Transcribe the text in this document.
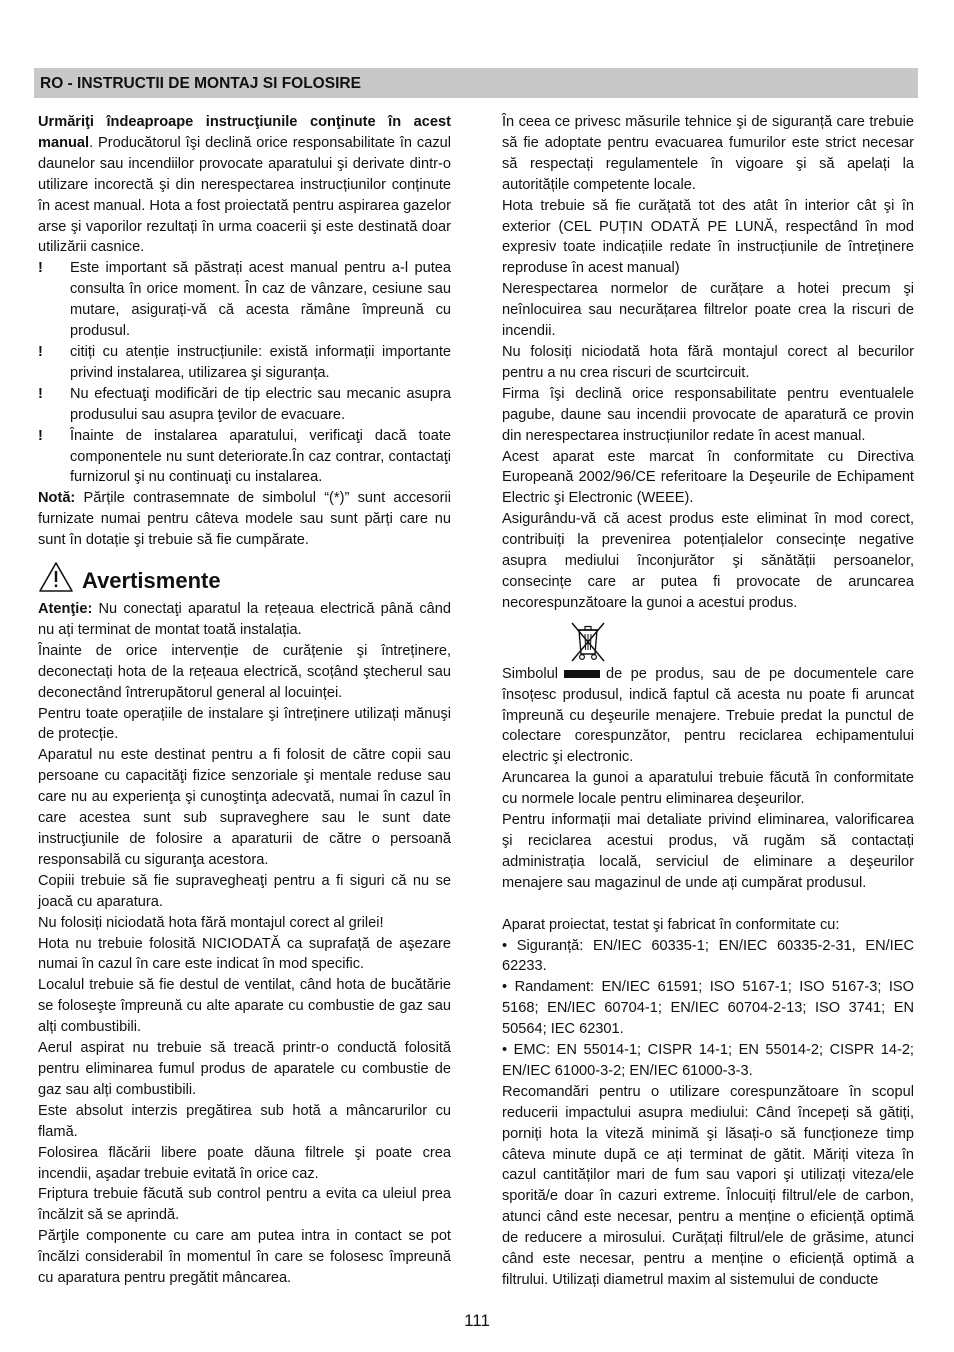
RO - INSTRUCTII DE MONTAJ SI FOLOSIRE

Urmăriţi îndeaproape instrucţiunile conţinute în acest manual. Producătorul îşi declină orice responsabilitate în cazul daunelor sau incendiilor provocate aparatului şi derivate dintr-o utilizare incorectă şi din nerespectarea instrucțiunilor conținute în acest manual. Hota a fost proiectată pentru aspirarea gazelor arse şi vaporilor rezultați în urma coacerii şi este destinată doar utilizării casnice.

!	Este important să păstrați acest manual pentru a-l putea consulta în orice moment. În caz de vânzare, cesiune sau mutare, asigurați-vă că acesta rămâne împreună cu produsul.
!	citiți cu atenție instrucțiunile: există informații importante privind instalarea, utilizarea şi siguranța.
!	Nu efectuaţi modificări de tip electric sau mecanic asupra produsului sau asupra ţevilor de evacuare.
!	Înainte de instalarea aparatului, verificaţi dacă toate componentele nu sunt deteriorate.În caz contrar, contactaţi furnizorul şi nu continuaţi cu instalarea.

Notă: Părțile contrasemnate de simbolul “(*)” sunt accesorii furnizate numai pentru câteva modele sau sunt părți care nu sunt în dotație şi trebuie să fie cumpărate.

Avertismente

Atenţie: Nu conectaţi aparatul la rețeaua electrică până când nu ați terminat de montat toată instalația.

Înainte de orice intervenție de curățenie şi întreținere, deconectați hota de la rețeaua electrică, scoțând ştecherul sau deconectând întrerupătorul general al locuinței.

Pentru toate operațiile de instalare şi întreținere utilizați mănuşi de protecție.

Aparatul nu este destinat pentru a fi folosit de către copii sau persoane cu capacităţi fizice senzoriale şi mentale reduse sau care nu au experienţa şi cunoştinţa adecvată, numai în cazul în care acestea sunt sub supraveghere sau le sunt date instrucţiunile de folosire a aparaturii de către o persoană responsabilă cu siguranţa acestora.

Copiii trebuie să fie supravegheaţi pentru a fi siguri că nu se joacă cu aparatura.

Nu folosiți niciodată hota fără montajul corect al grilei!

Hota nu trebuie folosită NICIODATĂ ca suprafață de aşezare numai în cazul în care este indicat în mod specific.

Localul trebuie să fie destul de ventilat, când hota de bucătărie se foloseşte împreună cu alte aparate cu combustie de gaz sau alți combustibili.

Aerul aspirat nu trebuie să treacă printr-o conductă folosită pentru eliminarea fumul produs de aparatele cu combustie de gaz sau alți combustibili.

Este absolut interzis pregătirea sub hotă a mâncarurilor cu flamă.

Folosirea flăcării libere poate dăuna filtrele şi poate crea incendii, aşadar trebuie evitată în orice caz.

Friptura trebuie făcută sub control pentru a evita ca uleiul prea încălzit să se aprindă.

Părţile componente cu care am putea intra in contact se pot încălzi considerabil în momentul în care se folosesc împreună cu aparatura pentru pregătit mâncarea.

În ceea ce privesc măsurile tehnice şi de siguranță care trebuie să fie adoptate pentru evacuarea fumurilor este strict necesar să respectați regulamentele în vigoare şi să apelați la autoritățile competente locale.

Hota trebuie să fie curățată tot des atât în interior cât şi în exterior (CEL PUȚIN ODATĂ PE LUNĂ, respectând în mod expresiv toate indicațiile redate în instrucțiunile de întreținere reproduse în acest manual)

Nerespectarea normelor de curățare a hotei precum şi neînlocuirea sau necurățarea filtrelor poate crea la riscuri de incendii.

Nu folosiți niciodată hota fără montajul corect al becurilor pentru a nu crea riscuri de scurtcircuit.

Firma îşi declină orice responsabilitate pentru eventualele pagube, daune sau incendii provocate de aparatură ce provin din nerespectarea instrucțiunilor redate în acest manual.

Acest aparat este marcat în conformitate cu Directiva Europeană 2002/96/CE referitoare la Deşeurile de Echipament Electric şi Electronic (WEEE).

Asigurându-vă că acest produs este eliminat în mod corect, contribuiți la prevenirea potențialelor consecințe negative asupra mediului înconjurător şi sănătății persoanelor, consecințe care ar putea fi provocate de aruncarea necorespunzătoare la gunoi a acestui produs.

Simbolul	de pe produs, sau de pe documentele care însoțesc produsul, indică faptul că acesta nu poate fi aruncat împreună cu deşeurile menajere. Trebuie predat la punctul de colectare corespunzător, pentru reciclarea echipamentului electric şi electronic.

Aruncarea la gunoi a aparatului trebuie făcută în conformitate cu normele locale pentru eliminarea deşeurilor.

Pentru informații mai detaliate privind eliminarea, valorificarea şi reciclarea acestui produs, vă rugăm să contactați administrația locală, serviciul de eliminare a deşeurilor menajere sau magazinul de unde ați cumpărat produsul.

Aparat proiectat, testat şi fabricat în conformitate cu:

• Siguranță: EN/IEC 60335-1; EN/IEC 60335-2-31, EN/IEC 62233.

• Randament: EN/IEC 61591; ISO 5167-1; ISO 5167-3; ISO 5168; EN/IEC 60704-1; EN/IEC 60704-2-13; ISO 3741; EN 50564; IEC 62301.

• EMC: EN 55014-1; CISPR 14-1; EN 55014-2; CISPR 14-2; EN/IEC 61000-3-2; EN/IEC 61000-3-3.

Recomandări pentru o utilizare corespunzătoare în scopul reducerii impactului asupra mediului: Când începeți să gătiți, porniți hota la viteză minimă şi lăsați-o să funcționeze timp câteva minute după ce ați terminat de gătit. Măriți viteza în cazul cantităților mari de fum sau vapori şi utilizați viteza/ele sporită/e doar în cazuri extreme. Înlocuiți filtrul/ele de carbon, atunci când este necesar, pentru a menține o eficiență optimă de reducere a mirosului. Curățați filtrul/ele de grăsime, atunci când este necesar, pentru a menține o eficiență optimă a filtrului. Utilizați diametrul maxim al sistemului de conducte

111
